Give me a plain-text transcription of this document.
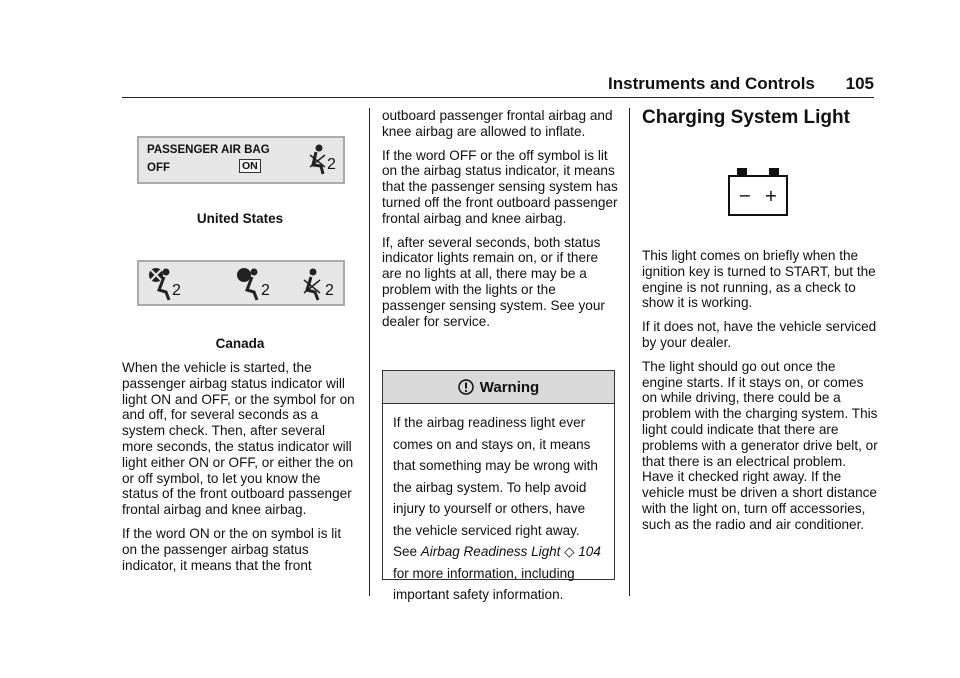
Instruments and Controls 105
PASSENGER AIR BAG
OFF	ON	2
United States
2	2	2
Canada

When the vehicle is started, the passenger airbag status indicator will light ON and OFF, or the symbol for on and off, for several seconds as a system check. Then, after several more seconds, the status indicator will light either ON or OFF, or either the on or off symbol, to let you know the status of the front outboard passenger frontal airbag and knee airbag.

If the word ON or the on symbol is lit on the passenger airbag status indicator, it means that the front

outboard passenger frontal airbag and knee airbag are allowed to inflate.

If the word OFF or the off symbol is lit on the airbag status indicator, it means that the passenger sensing system has turned off the front outboard passenger frontal airbag and knee airbag.

If, after several seconds, both status indicator lights remain on, or if there are no lights at all, there may be a problem with the lights or the passenger sensing system. See your dealer for service.

Warning
If the airbag readiness light ever comes on and stays on, it means that something may be wrong with the airbag system. To help avoid injury to yourself or others, have the vehicle serviced right away. See Airbag Readiness Light ◇ 104 for more information, including important safety information.
Charging System Light
− +

This light comes on briefly when the ignition key is turned to START, but the engine is not running, as a check to show it is working.

If it does not, have the vehicle serviced by your dealer.

The light should go out once the engine starts. If it stays on, or comes on while driving, there could be a problem with the charging system. This light could indicate that there are problems with a generator drive belt, or that there is an electrical problem. Have it checked right away. If the vehicle must be driven a short distance with the light on, turn off accessories, such as the radio and air conditioner.
